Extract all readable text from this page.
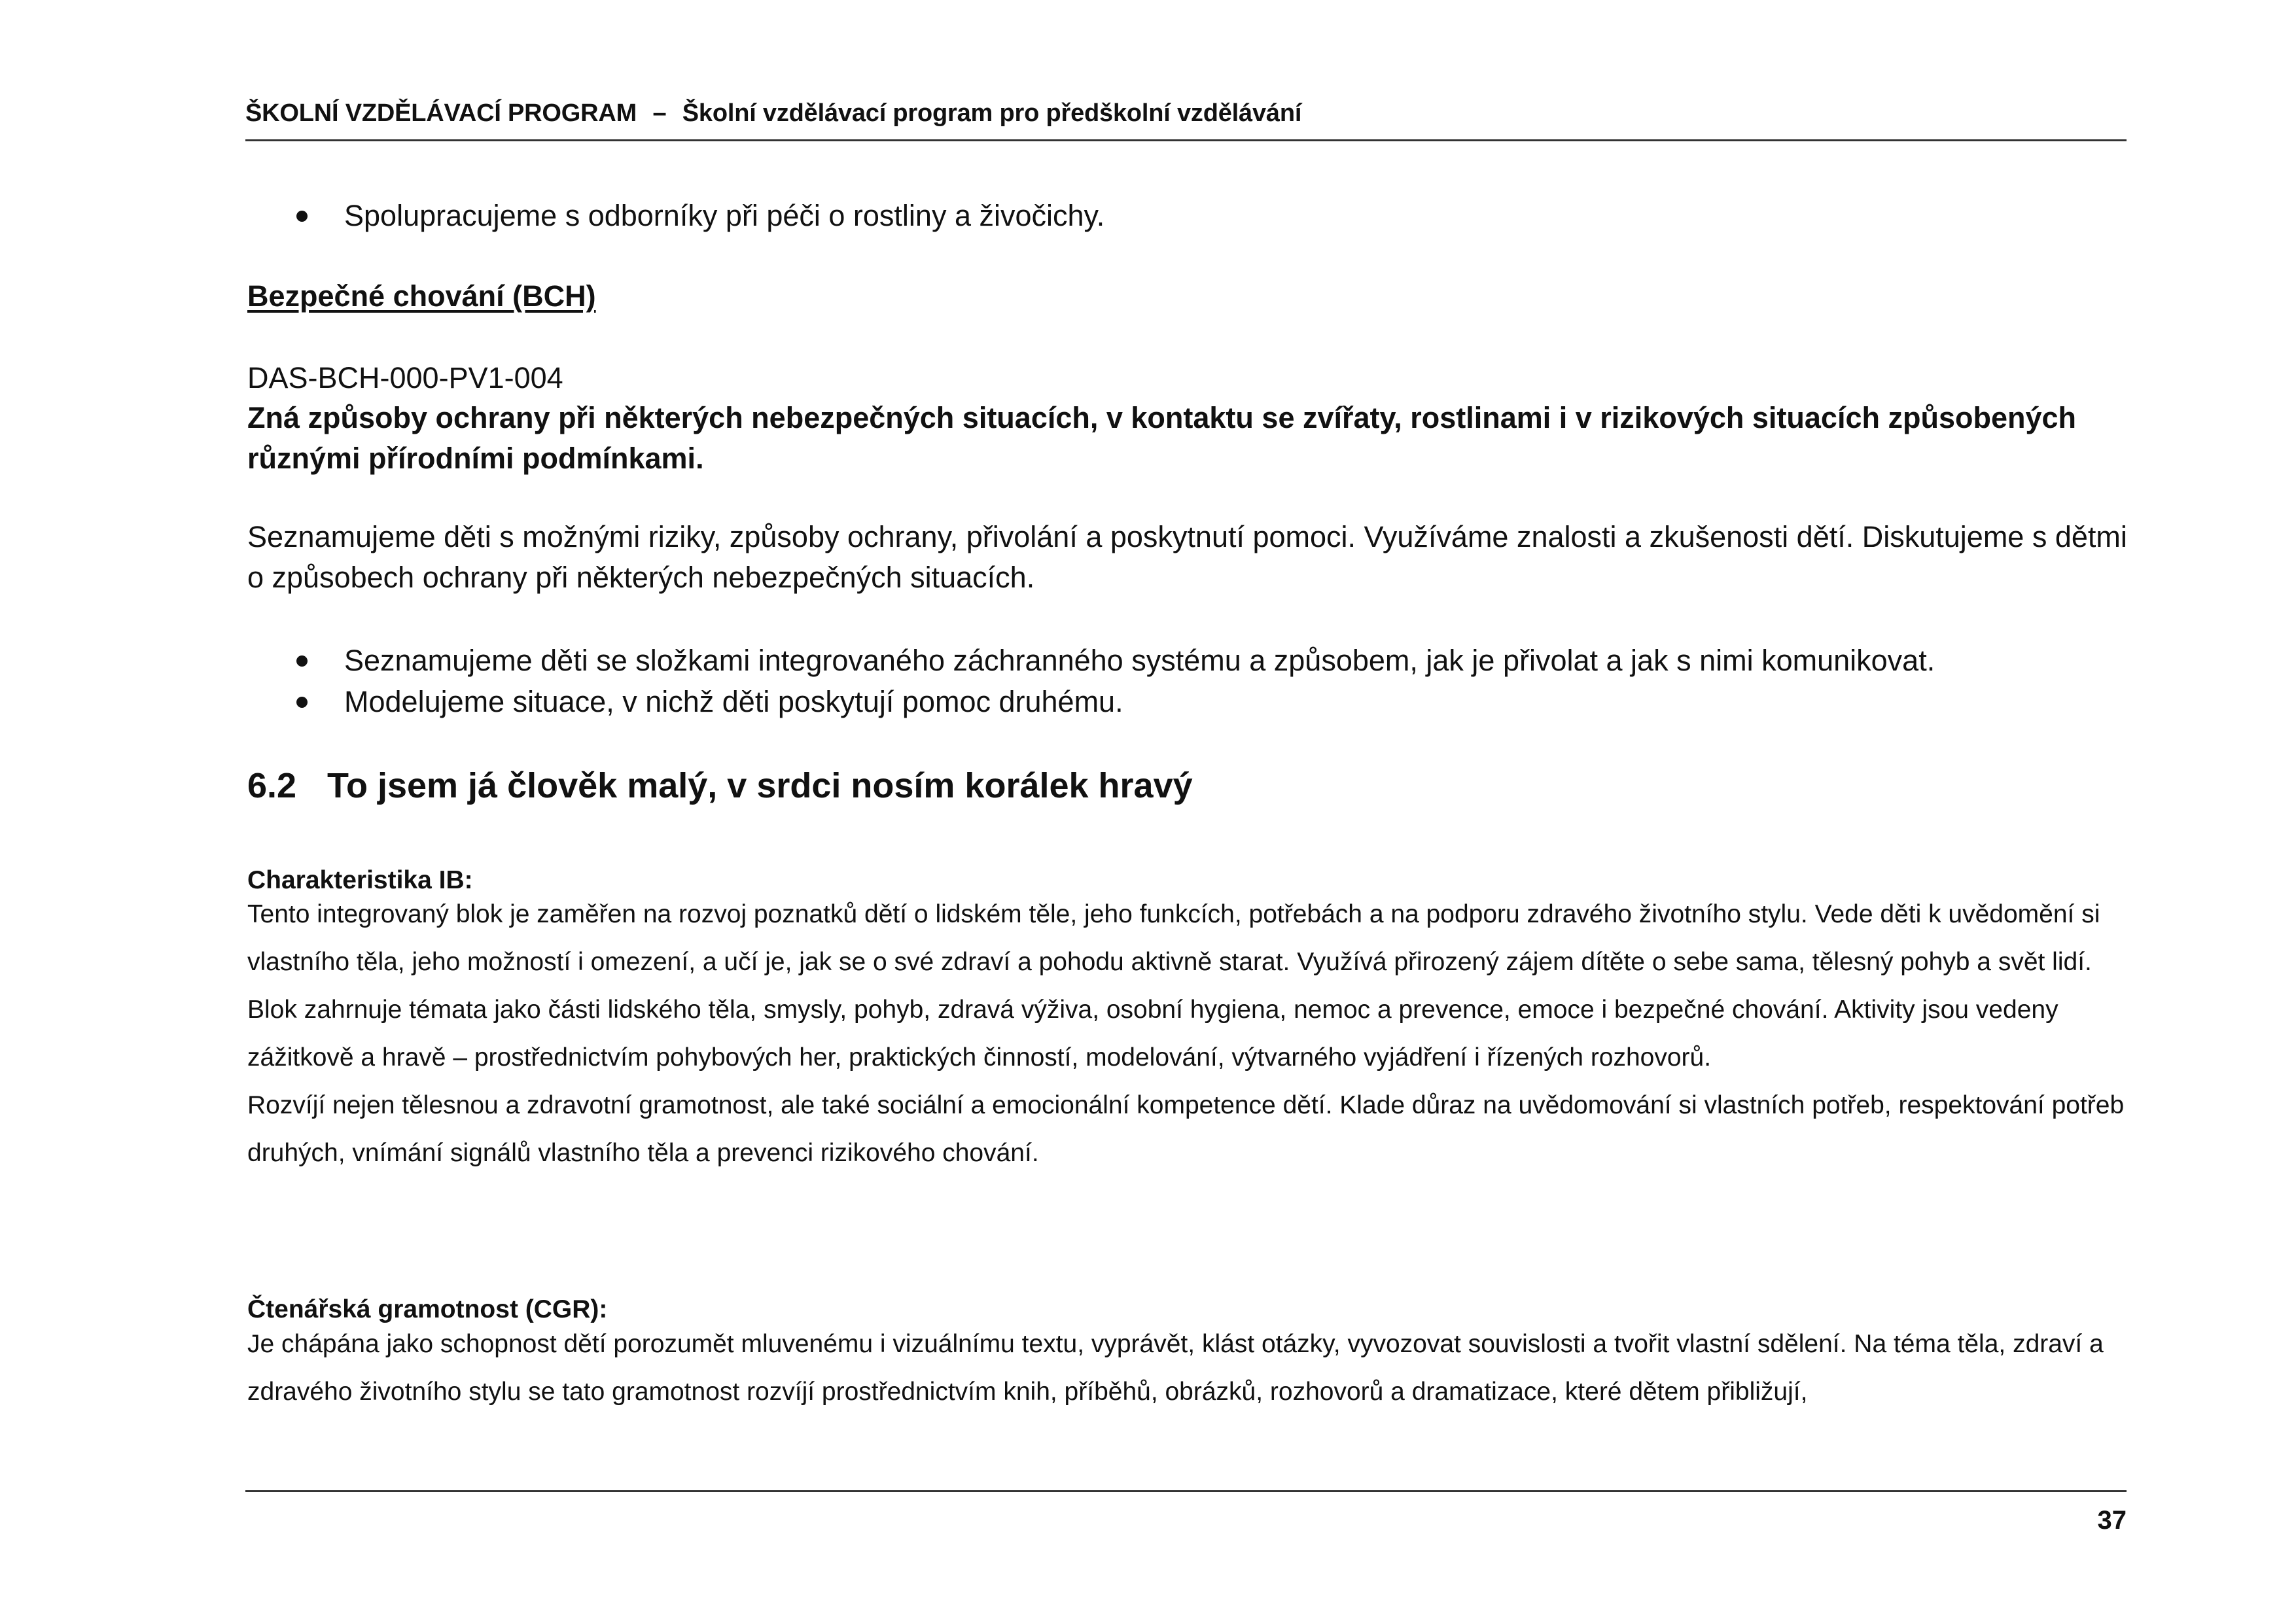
ŠKOLNÍ VZDĚLÁVACÍ PROGRAM – Školní vzdělávací program pro předškolní vzdělávání
Spolupracujeme s odborníky při péči o rostliny a živočichy.
Bezpečné chování (BCH)
DAS-BCH-000-PV1-004
Zná způsoby ochrany při některých nebezpečných situacích, v kontaktu se zvířaty, rostlinami i v rizikových situacích způsobených různými přírodními podmínkami.
Seznamujeme děti s možnými riziky, způsoby ochrany, přivolání a poskytnutí pomoci. Využíváme znalosti a zkušenosti dětí. Diskutujeme s dětmi o způsobech ochrany při některých nebezpečných situacích.
Seznamujeme děti se složkami integrovaného záchranného systému a způsobem, jak je přivolat a jak s nimi komunikovat.
Modelujeme situace, v nichž děti poskytují pomoc druhému.
6.2 To jsem já člověk malý, v srdci nosím korálek hravý
Charakteristika IB:

Tento integrovaný blok je zaměřen na rozvoj poznatků dětí o lidském těle, jeho funkcích, potřebách a na podporu zdravého životního stylu. Vede děti k uvědomění si vlastního těla, jeho možností i omezení, a učí je, jak se o své zdraví a pohodu aktivně starat. Využívá přirozený zájem dítěte o sebe sama, tělesný pohyb a svět lidí.

Blok zahrnuje témata jako části lidského těla, smysly, pohyb, zdravá výživa, osobní hygiena, nemoc a prevence, emoce i bezpečné chování. Aktivity jsou vedeny zážitkově a hravě – prostřednictvím pohybových her, praktických činností, modelování, výtvarného vyjádření i řízených rozhovorů.

Rozvíjí nejen tělesnou a zdravotní gramotnost, ale také sociální a emocionální kompetence dětí. Klade důraz na uvědomování si vlastních potřeb, respektování potřeb druhých, vnímání signálů vlastního těla a prevenci rizikového chování.

Čtenářská gramotnost (CGR):

Je chápána jako schopnost dětí porozumět mluvenému i vizuálnímu textu, vyprávět, klást otázky, vyvozovat souvislosti a tvořit vlastní sdělení. Na téma těla, zdraví a zdravého životního stylu se tato gramotnost rozvíjí prostřednictvím knih, příběhů, obrázků, rozhovorů a dramatizace, které dětem přibližují,

37
